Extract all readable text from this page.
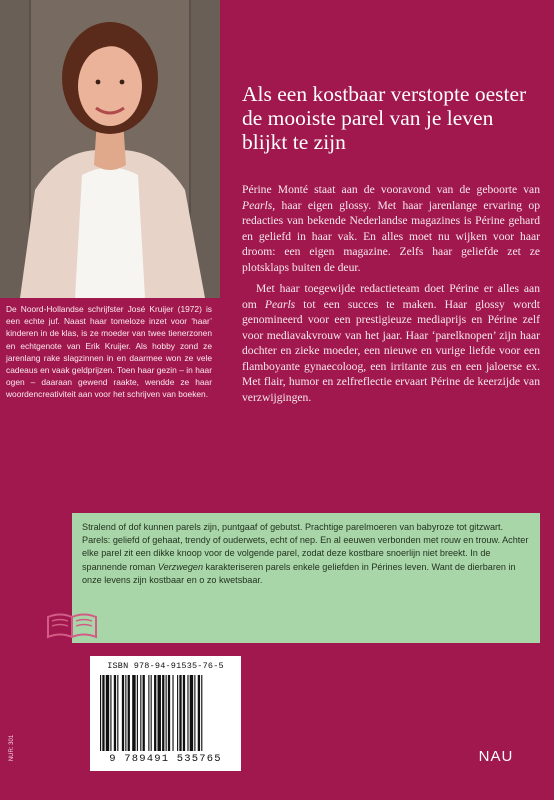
De Noord-Hollandse schrijfster José Kruijer (1972) is een echte juf. Naast haar tomeloze inzet voor ‘haar’ kinderen in de klas, is ze moeder van twee tienerzonen en echtgenote van Erik Kruijer. Als hobby zond ze jarenlang rake slagzinnen in en daarmee won ze vele cadeaus en vaak geldprijzen. Toen haar gezin – in haar ogen – daaraan gewend raakte, wendde ze haar woordencreativiteit aan voor het schrijven van boeken.
Als een kostbaar verstopte oester de mooiste parel van je leven blijkt te zijn

Périne Monté staat aan de vooravond van de geboorte van Pearls, haar eigen glossy. Met haar jarenlange ervaring op redacties van bekende Nederlandse magazines is Périne gehard en geliefd in haar vak. En alles moet nu wijken voor haar droom: een eigen magazine. Zelfs haar geliefde zet ze plotsklaps buiten de deur.

Met haar toegewijde redactieteam doet Périne er alles aan om Pearls tot een succes te maken. Haar glossy wordt genomineerd voor een prestigieuze mediaprijs en Périne zelf voor mediavakvrouw van het jaar. Haar ‘parelknopen’ zijn haar dochter en zieke moeder, een nieuwe en vurige liefde voor een flamboyante gynaecoloog, een irritante zus en een jaloerse ex. Met flair, humor en zelfreflectie ervaart Périne de keerzijde van verzwijgingen.

Stralend of dof kunnen parels zijn, puntgaaf of gebutst. Prachtige parelmoeren van babyroze tot gitzwart. Parels: geliefd of gehaat, trendy of ouderwets, echt of nep. En al eeuwen verbonden met rouw en trouw. Achter elke parel zit een dikke knoop voor de volgende parel, zodat deze kostbare snoerlijn niet breekt. In de spannende roman Verzwegen karakteriseren parels enkele geliefden in Pérines leven. Want de dierbaren in onze levens zijn kostbaar en o zo kwetsbaar.
ISBN 978-94-91535-76-5
9 789491 535765
NUR: 301	NAU
